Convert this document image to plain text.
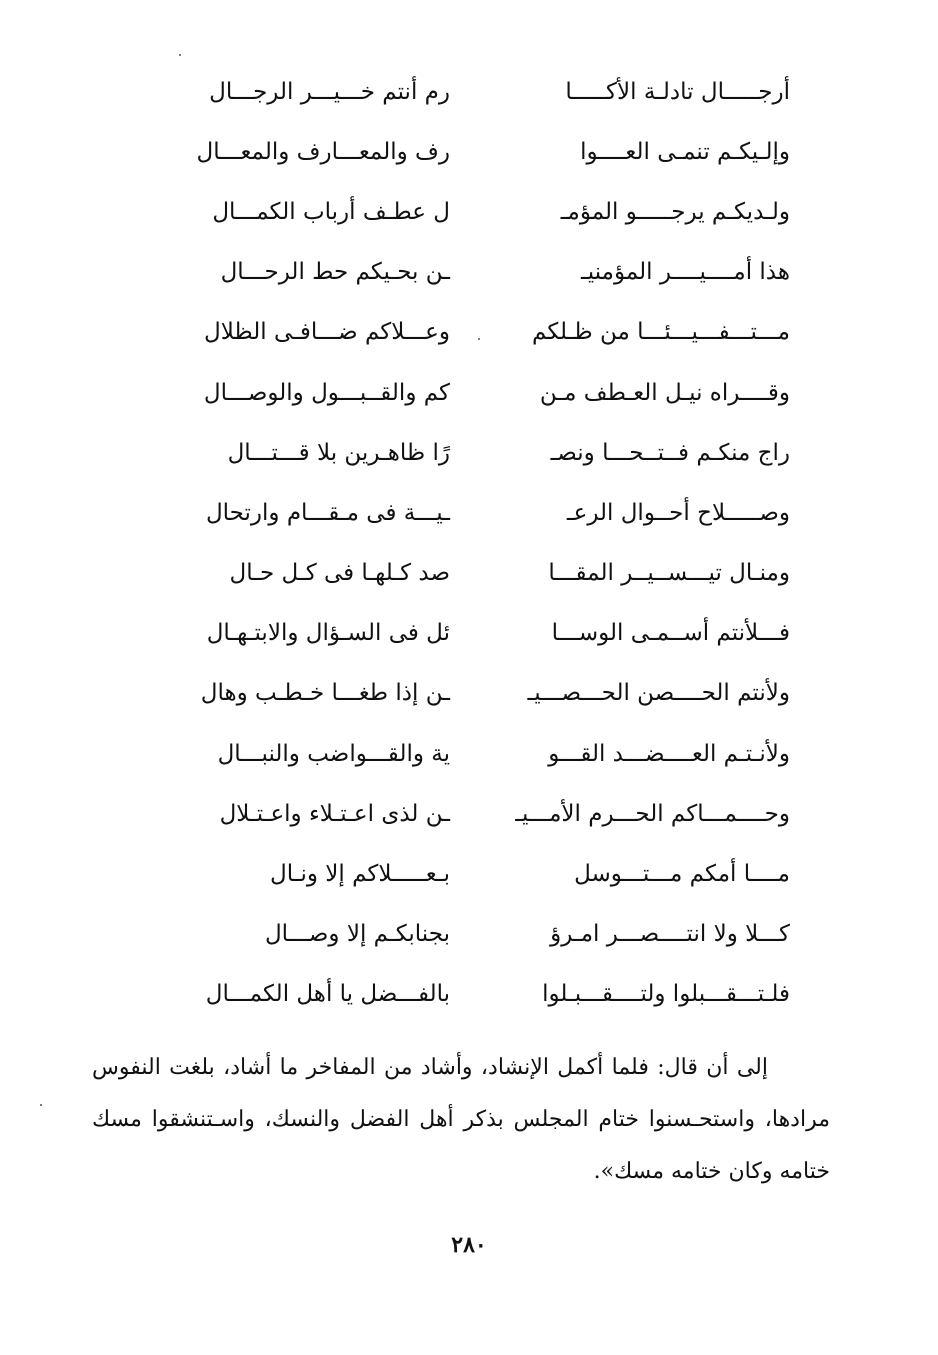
أرجـــــال تادلـة الأكـــــا
رم أنتم خـــيـــر الرجـــال
وإلـيكـم تنمـى العــــوا
رف والمعـــارف والمعـــال
ولـديكـم يرجـــــو المؤمـ
ل عطـف أرباب الكمـــال
هذا أمــــيــــر المؤمنيـ
ـن بحـيكم حط الرحـــال
مـــتـــفـــيـــئـــا من ظـلكم
وعـــلاكم ضـــافـى الظلال
وقــــراه نيـل العـطف مـن
كم والقــبـــول والوصـــال
راج منكـم فــتــحـــا ونصـ
رًا ظاهـرين بلا قـــتـــال
وصـــــلاح أحــوال الرعـ
ـيـــة فى مـقـــام وارتحال
ومنـال تيـــســيــر المقـــا
صد كـلهـا فى كـل حـال
فـــلأنتم أســمـى الوســـا
ئل فى السـؤال والابتـهـال
ولأنتم الحــــصن الحـــصـــيـ
ـن إذا طغـــا خـطـب وهال
ولأنـتـم العــــضـــد القـــو
ية والقـــواضب والنبـــال
وحــــمـــاكم الحـــرم الأمـــيـ
ـن لذى اعـتـلاء واعـتـلال
مــــا أمكم مـــتـــوسل
بـعـــــلاكم إلا ونـال
كـــلا ولا انتــــصـــر امـرؤ
بجنابكـم إلا وصـــال
فلـتـــقـــبلوا ولتــــقـــبـلوا
بالفـــضل يا أهل الكمـــال

إلى أن قال: فلما أكمل الإنشاد، وأشاد من المفاخر ما أشاد، بلغت النفوس مرادها، واستحـسنوا ختام المجلس بذكر أهل الفضل والنسك، واسـتنشقوا مسك ختامه وكان ختامه مسك».

٢٨٠
